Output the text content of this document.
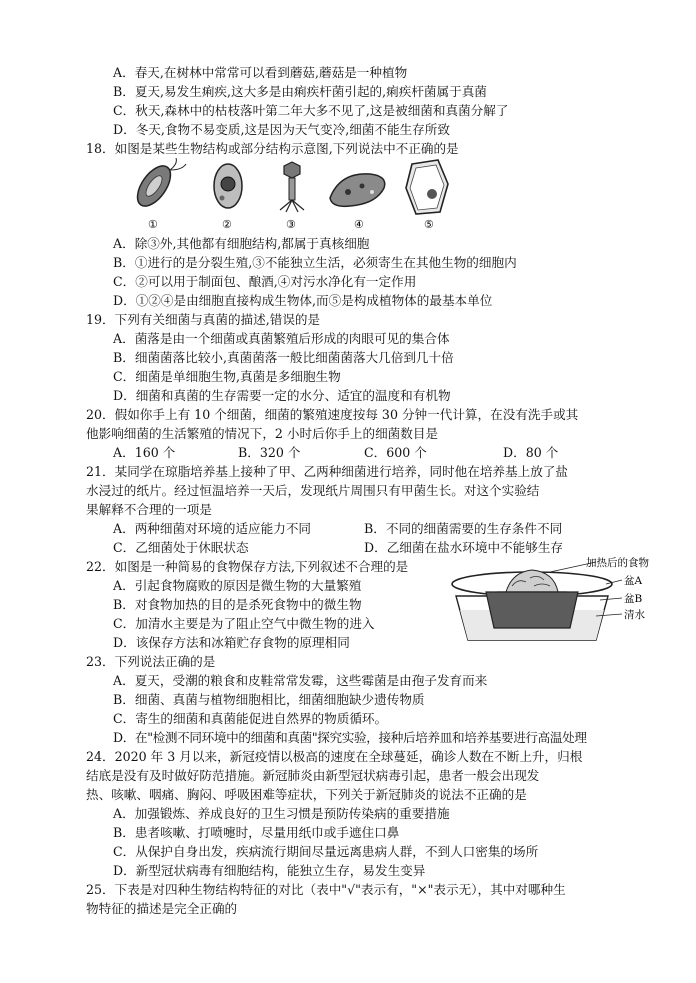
A．春天,在树林中常常可以看到蘑菇,蘑菇是一种植物
B．夏天,易发生痢疾,这大多是由痢疾杆菌引起的,痢疾杆菌属于真菌
C．秋天,森林中的枯枝落叶第二年大多不见了,这是被细菌和真菌分解了
D．冬天,食物不易变质,这是因为天气变冷,细菌不能生存所致
18．如图是某些生物结构或部分结构示意图,下列说法中不正确的是
①	②	③	④	⑤
A．除③外,其他都有细胞结构,都属于真核细胞
B．①进行的是分裂生殖,③不能独立生活，必须寄生在其他生物的细胞内
C．②可以用于制面包、酿酒,④对污水净化有一定作用
D．①②④是由细胞直接构成生物体,而⑤是构成植物体的最基本单位
19．下列有关细菌与真菌的描述,错误的是
A．菌落是由一个细菌或真菌繁殖后形成的肉眼可见的集合体
B．细菌菌落比较小,真菌菌落一般比细菌菌落大几倍到几十倍
C．细菌是单细胞生物,真菌是多细胞生物
D．细菌和真菌的生存需要一定的水分、适宜的温度和有机物
20．假如你手上有 10 个细菌，细菌的繁殖速度按每 30 分钟一代计算，在没有洗手或其
他影响细菌的生活繁殖的情况下，2 小时后你手上的细菌数目是
A．160 个	B．320 个	C．600 个	D．80 个
21．某同学在琼脂培养基上接种了甲、乙两种细菌进行培养，同时他在培养基上放了盐
水浸过的纸片。经过恒温培养一天后，发现纸片周围只有甲菌生长。对这个实验结
果解释不合理的一项是
A．两种细菌对环境的适应能力不同	B．不同的细菌需要的生存条件不同
C．乙细菌处于休眠状态	D．乙细菌在盐水环境中不能够生存
22．如图是一种简易的食物保存方法,下列叙述不合理的是
A．引起食物腐败的原因是微生物的大量繁殖
B．对食物加热的目的是杀死食物中的微生物
C．加清水主要是为了阻止空气中微生物的进入
D．该保存方法和冰箱贮存食物的原理相同
加热后的食物
盆A
盆B
清水
23．下列说法正确的是
A．夏天，受潮的粮食和皮鞋常常发霉，这些霉菌是由孢子发育而来
B．细菌、真菌与植物细胞相比，细菌细胞缺少遗传物质
C．寄生的细菌和真菌能促进自然界的物质循环。
D．在"检测不同环境中的细菌和真菌"探究实验，接种后培养皿和培养基要进行高温处理
24．2020 年 3 月以来，新冠疫情以极高的速度在全球蔓延，确诊人数在不断上升，归根
结底是没有及时做好防范措施。新冠肺炎由新型冠状病毒引起，患者一般会出现发
热、咳嗽、咽痛、胸闷、呼吸困难等症状，下列关于新冠肺炎的说法不正确的是
A．加强锻炼、养成良好的卫生习惯是预防传染病的重要措施
B．患者咳嗽、打喷嚏时，尽量用纸巾或手遮住口鼻
C．从保护自身出发，疾病流行期间尽量远离患病人群，不到人口密集的场所
D．新型冠状病毒有细胞结构，能独立生存，易发生变异
25．下表是对四种生物结构特征的对比（表中"√"表示有，"×"表示无），其中对哪种生
物特征的描述是完全正确的
